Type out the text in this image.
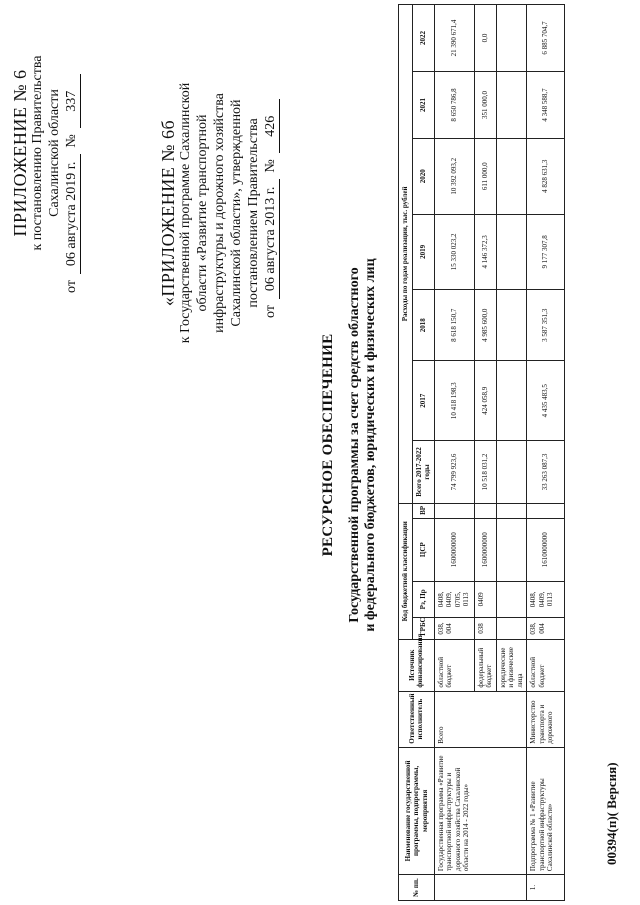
ПРИЛОЖЕНИЕ № 6 к постановлению Правительства Сахалинской области
от
06 августа 2019 г.
№
337
«ПРИЛОЖЕНИЕ № 6б к Государственной программе Сахалинской области «Развитие транспортной инфраструктуры и дорожного хозяйства Сахалинской области», утвержденной постановлением Правительства
от
06 августа 2013 г.
№
426
РЕСУРСНОЕ ОБЕСПЕЧЕНИЕ Государственной программы за счет средств областного и федерального бюджетов, юридических и физических лиц
№ пп.	Наименование государственной программы, подпрограммы, мероприятия	Ответственный исполнитель	Источник финансирования	Код бюджетной классификации				Расходы по годам реализации, тыс. рублей						
				ГРБС	Рз, Пр	ЦСР	ВР	Всего 2017-2022 годы	2017	2018	2019	2020	2021	2022
	Государственная программа «Развитие транспортной инфраструктуры и дорожного хозяйства Сахалинской области на 2014 - 2022 годы»	Всего	областной бюджет	038, 004	0408, 0409, 0705, 0113	1600000000		74 799 923,6	10 418 198,3	8 618 150,7	15 330 023,2	10 392 093,2	8 650 786,8	21 390 671,4
			федеральный бюджет	038	0409	1600000000		10 518 031,2	424 058,9	4 985 600,0	4 146 372,3	611 000,0	351 000,0	0,0
			юридические и физические лица											
1.	Подпрограмма № 1 «Развитие транспортной инфраструктуры Сахалинской области»	Министерство транспорта и дорожного	областной бюджет	038, 004	0408, 0409, 0113	1610000000		33 263 087,3	4 435 483,5	3 587 351,3	9 177 307,8	4 828 631,3	4 348 588,7	6 885 704,7
00394(п)( Версия)
